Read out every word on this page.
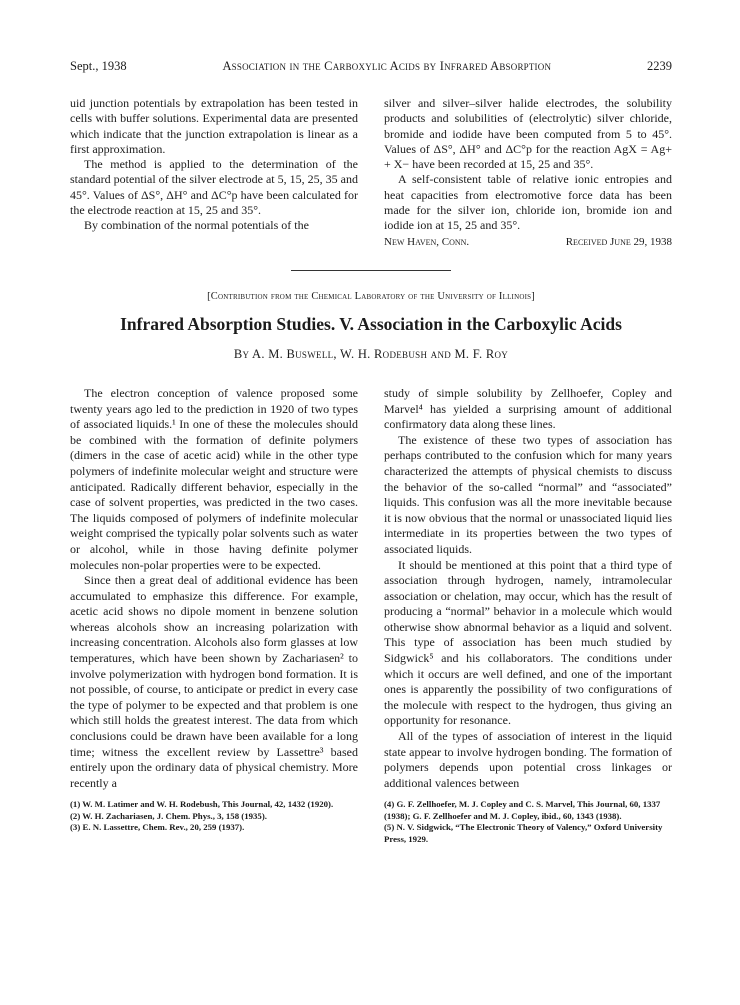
Sept., 1938	Association in the Carboxylic Acids by Infrared Absorption	2239

uid junction potentials by extrapolation has been tested in cells with buffer solutions. Experimental data are presented which indicate that the junction extrapolation is linear as a first approximation.

The method is applied to the determination of the standard potential of the silver electrode at 5, 15, 25, 35 and 45°. Values of ΔS°, ΔH° and ΔC°p have been calculated for the electrode reaction at 15, 25 and 35°.

By combination of the normal potentials of the

silver and silver–silver halide electrodes, the solubility products and solubilities of (electrolytic) silver chloride, bromide and iodide have been computed from 5 to 45°. Values of ΔS°, ΔH° and ΔC°p for the reaction AgX = Ag+ + X− have been recorded at 15, 25 and 35°.

A self-consistent table of relative ionic entropies and heat capacities from electromotive force data has been made for the silver ion, chloride ion, bromide ion and iodide ion at 15, 25 and 35°.

New Haven, Conn.	Received June 29, 1938
[Contribution from the Chemical Laboratory of the University of Illinois]
Infrared Absorption Studies. V. Association in the Carboxylic Acids
By A. M. Buswell, W. H. Rodebush and M. F. Roy

The electron conception of valence proposed some twenty years ago led to the prediction in 1920 of two types of associated liquids.¹ In one of these the molecules should be combined with the formation of definite polymers (dimers in the case of acetic acid) while in the other type polymers of indefinite molecular weight and structure were anticipated. Radically different behavior, especially in the case of solvent properties, was predicted in the two cases. The liquids composed of polymers of indefinite molecular weight comprised the typically polar solvents such as water or alcohol, while in those having definite polymer molecules non-polar properties were to be expected.

Since then a great deal of additional evidence has been accumulated to emphasize this difference. For example, acetic acid shows no dipole moment in benzene solution whereas alcohols show an increasing polarization with increasing concentration. Alcohols also form glasses at low temperatures, which have been shown by Zachariasen² to involve polymerization with hydrogen bond formation. It is not possible, of course, to anticipate or predict in every case the type of polymer to be expected and that problem is one which still holds the greatest interest. The data from which conclusions could be drawn have been available for a long time; witness the excellent review by Lassettre³ based entirely upon the ordinary data of physical chemistry. More recently a

(1) W. M. Latimer and W. H. Rodebush, This Journal, 42, 1432 (1920).
(2) W. H. Zachariasen, J. Chem. Phys., 3, 158 (1935).
(3) E. N. Lassettre, Chem. Rev., 20, 259 (1937).

study of simple solubility by Zellhoefer, Copley and Marvel⁴ has yielded a surprising amount of additional confirmatory data along these lines.

The existence of these two types of association has perhaps contributed to the confusion which for many years characterized the attempts of physical chemists to discuss the behavior of the so-called “normal” and “associated” liquids. This confusion was all the more inevitable because it is now obvious that the normal or unassociated liquid lies intermediate in its properties between the two types of associated liquids.

It should be mentioned at this point that a third type of association through hydrogen, namely, intramolecular association or chelation, may occur, which has the result of producing a “normal” behavior in a molecule which would otherwise show abnormal behavior as a liquid and solvent. This type of association has been much studied by Sidgwick⁵ and his collaborators. The conditions under which it occurs are well defined, and one of the important ones is apparently the possibility of two configurations of the molecule with respect to the hydrogen, thus giving an opportunity for resonance.

All of the types of association of interest in the liquid state appear to involve hydrogen bonding. The formation of polymers depends upon potential cross linkages or additional valences between

(4) G. F. Zellhoefer, M. J. Copley and C. S. Marvel, This Journal, 60, 1337 (1938); G. F. Zellhoefer and M. J. Copley, ibid., 60, 1343 (1938).
(5) N. V. Sidgwick, “The Electronic Theory of Valency,” Oxford University Press, 1929.
